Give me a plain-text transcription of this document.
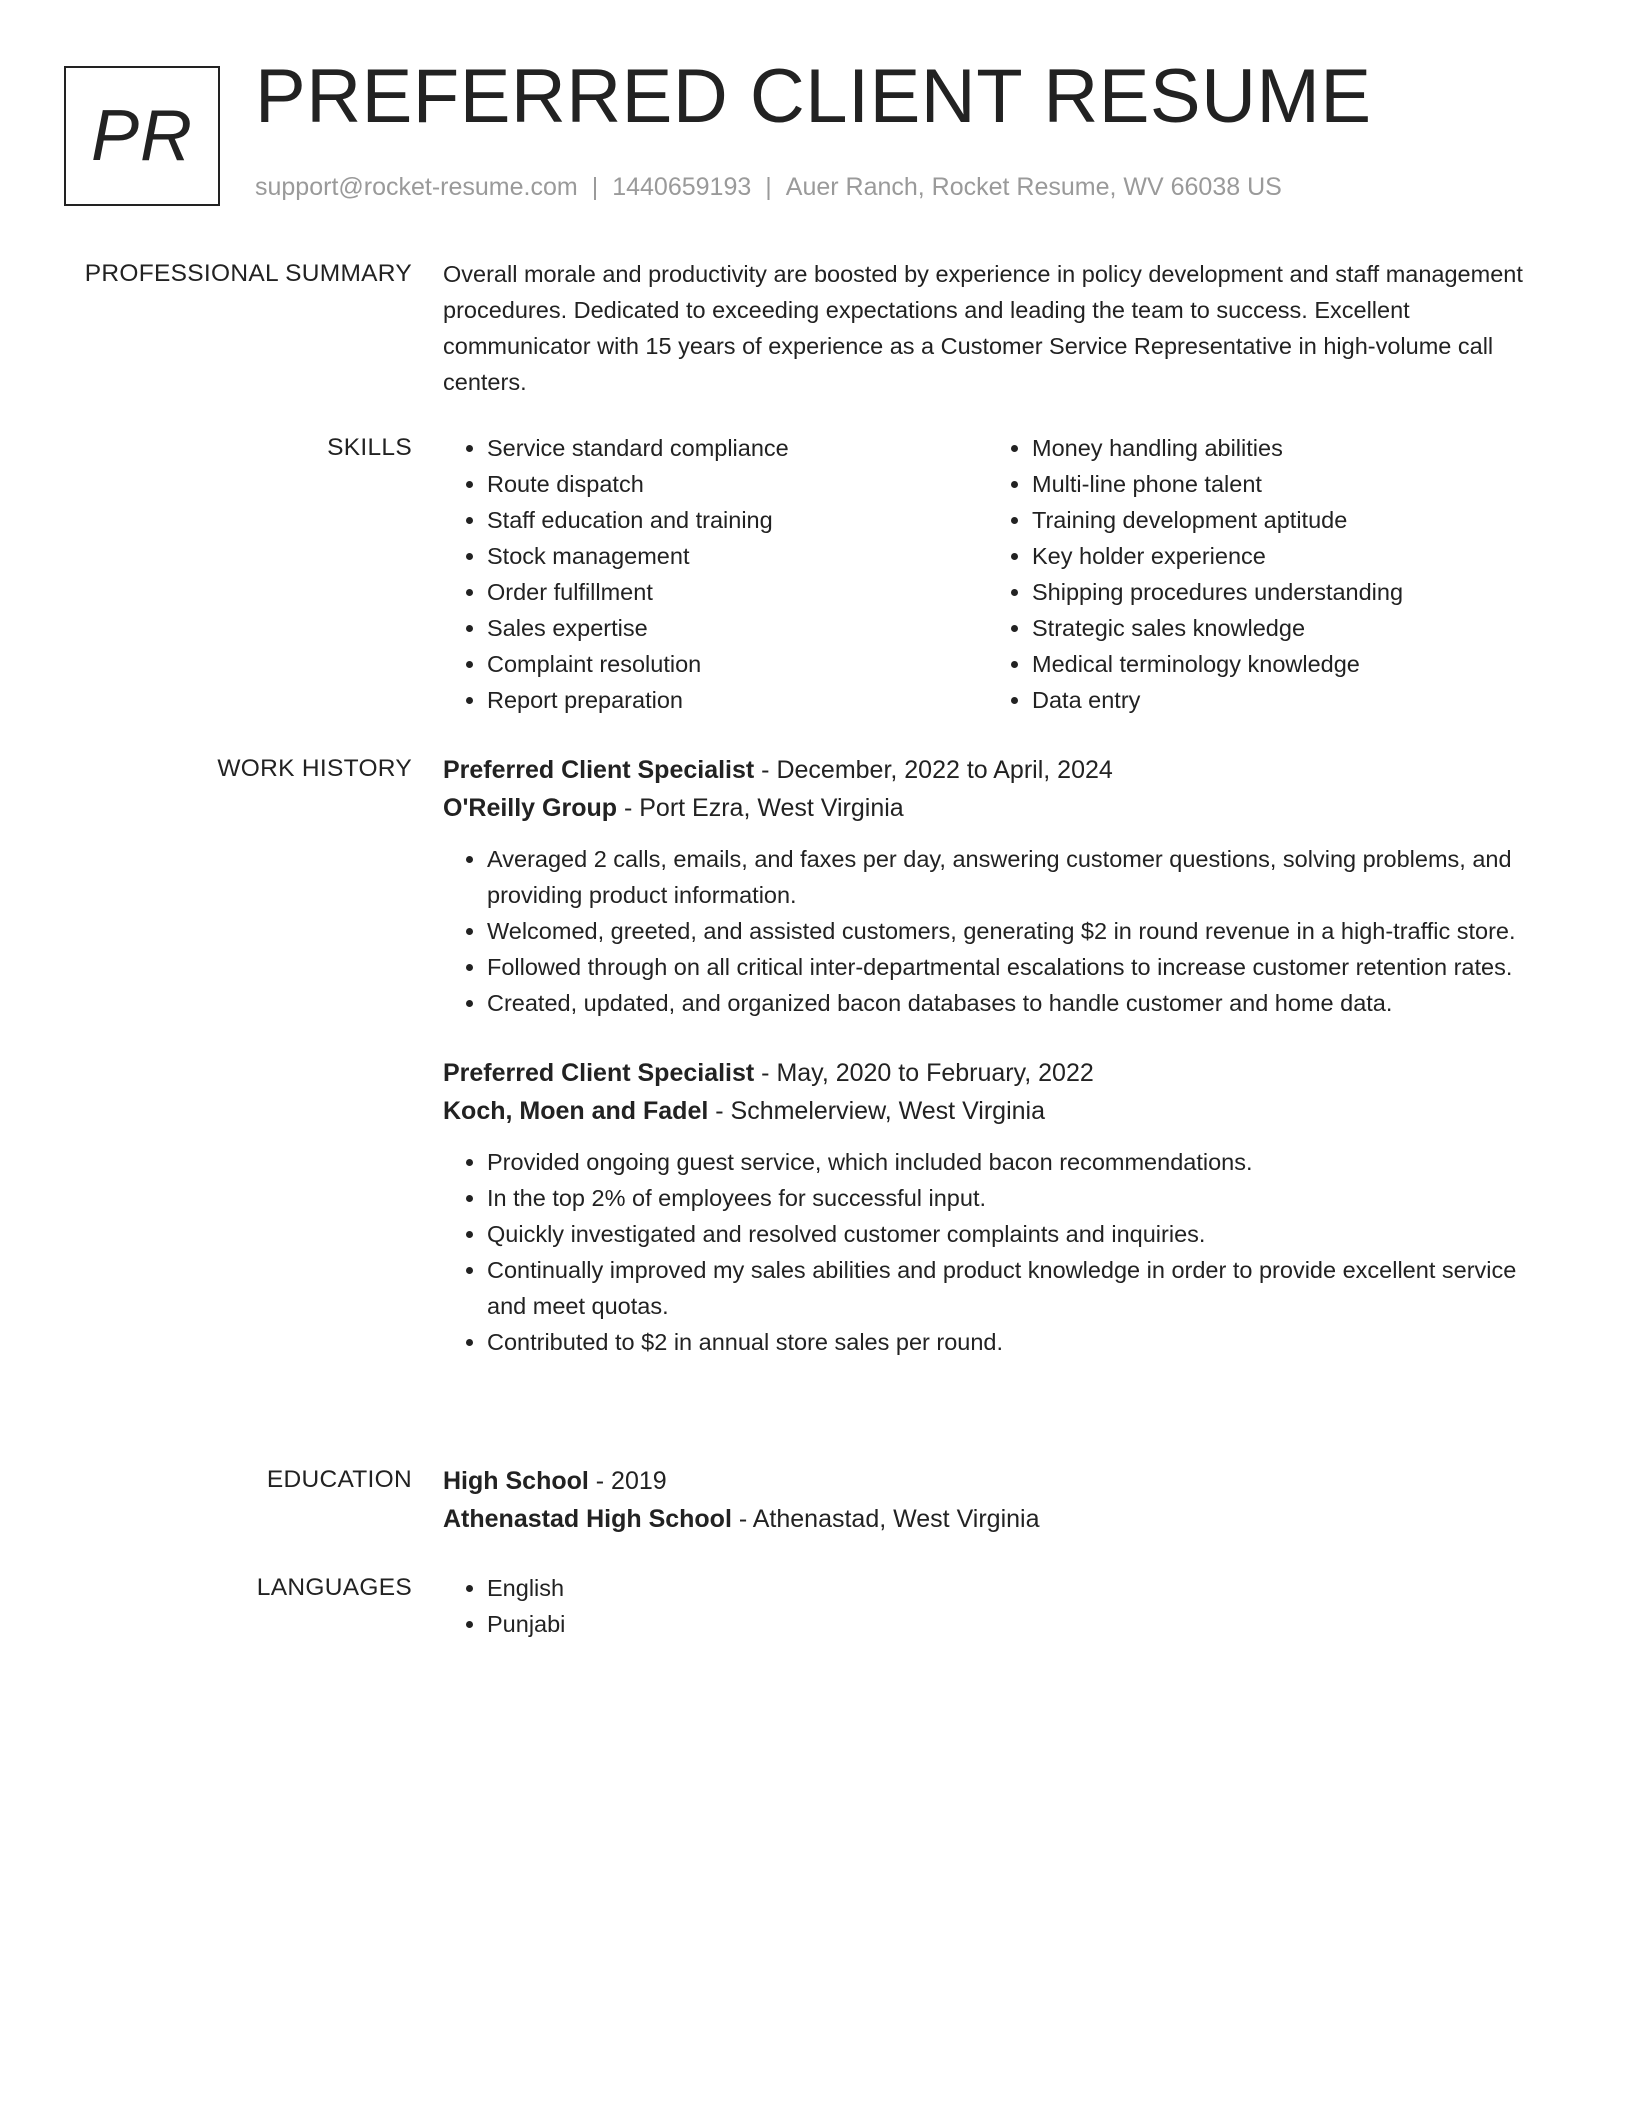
PR PREFERRED CLIENT RESUME
support@rocket-resume.com | 1440659193 | Auer Ranch, Rocket Resume, WV 66038 US
PROFESSIONAL SUMMARY Overall morale and productivity are boosted by experience in policy development and staff management procedures. Dedicated to exceeding expectations and leading the team to success. Excellent communicator with 15 years of experience as a Customer Service Representative in high-volume call centers.
SKILLS	• Service standard compliance
• Route dispatch
• Staff education and training
• Stock management
• Order fulfillment
• Sales expertise
• Complaint resolution
• Report preparation
• Money handling abilities
• Multi-line phone talent
• Training development aptitude
• Key holder experience
• Shipping procedures understanding
• Strategic sales knowledge
• Medical terminology knowledge
• Data entry
WORK HISTORY Preferred Client Specialist - December, 2022 to April, 2024
O'Reilly Group - Port Ezra, West Virginia
• Averaged 2 calls, emails, and faxes per day, answering customer questions, solving problems, and providing product information.
• Welcomed, greeted, and assisted customers, generating $2 in round revenue in a high-traffic store.
• Followed through on all critical inter-departmental escalations to increase customer retention rates.
• Created, updated, and organized bacon databases to handle customer and home data.
Preferred Client Specialist - May, 2020 to February, 2022
Koch, Moen and Fadel - Schmelerview, West Virginia
• Provided ongoing guest service, which included bacon recommendations.
• In the top 2% of employees for successful input.
• Quickly investigated and resolved customer complaints and inquiries.
• Continually improved my sales abilities and product knowledge in order to provide excellent service and meet quotas.
• Contributed to $2 in annual store sales per round.
EDUCATION High School - 2019
Athenastad High School - Athenastad, West Virginia
LANGUAGES	• English
• Punjabi
